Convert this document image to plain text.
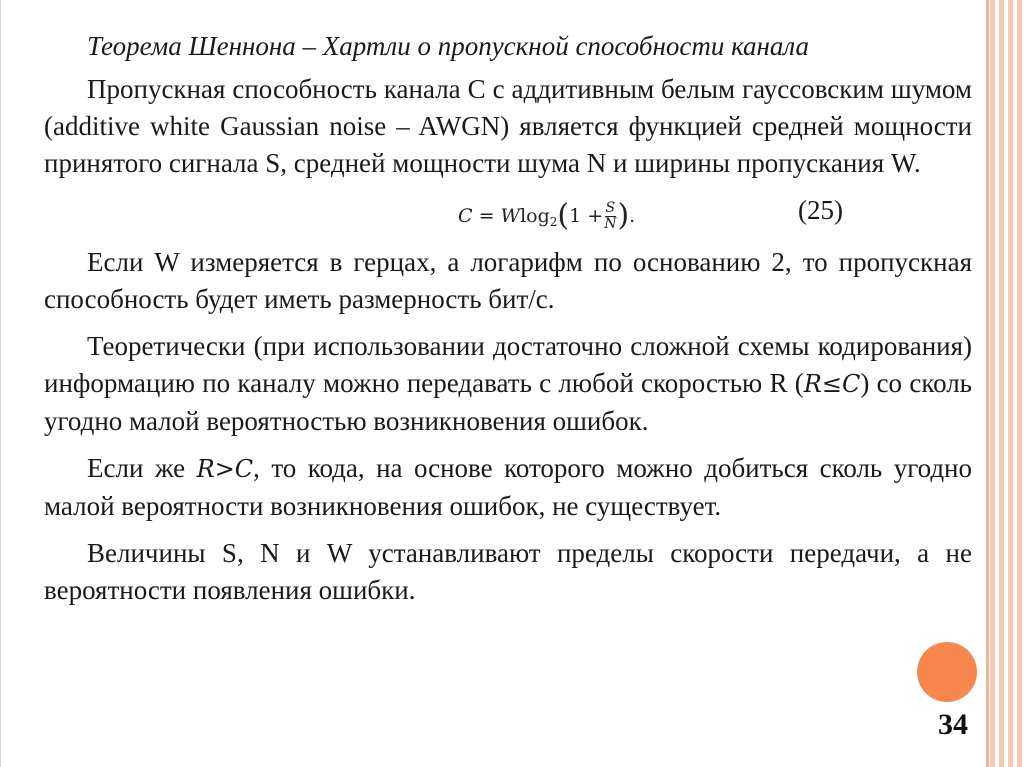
Теорема Шеннона – Хартли о пропускной способности канала

Пропускная способность канала C с аддитивным белым гауссовским шумом (additive white Gaussian noise – AWGN) является функцией средней мощности принятого сигнала S, средней мощности шума N и ширины пропускания W.

C = W log 2 ( $1 + \frac{S}{N}$ ) .	(25)

Если W измеряется в герцах, а логарифм по основанию 2, то пропускная способность будет иметь размерность бит/с.

Теоретически (при использовании достаточно сложной схемы кодирования) информацию по каналу можно передавать с любой скоростью R (R≤C) со сколь угодно малой вероятностью возникновения ошибок.

Если же R>C, то кода, на основе которого можно добиться сколь угодно малой вероятности возникновения ошибок, не существует.

Величины S, N и W устанавливают пределы скорости передачи, а не вероятности появления ошибки.

34
